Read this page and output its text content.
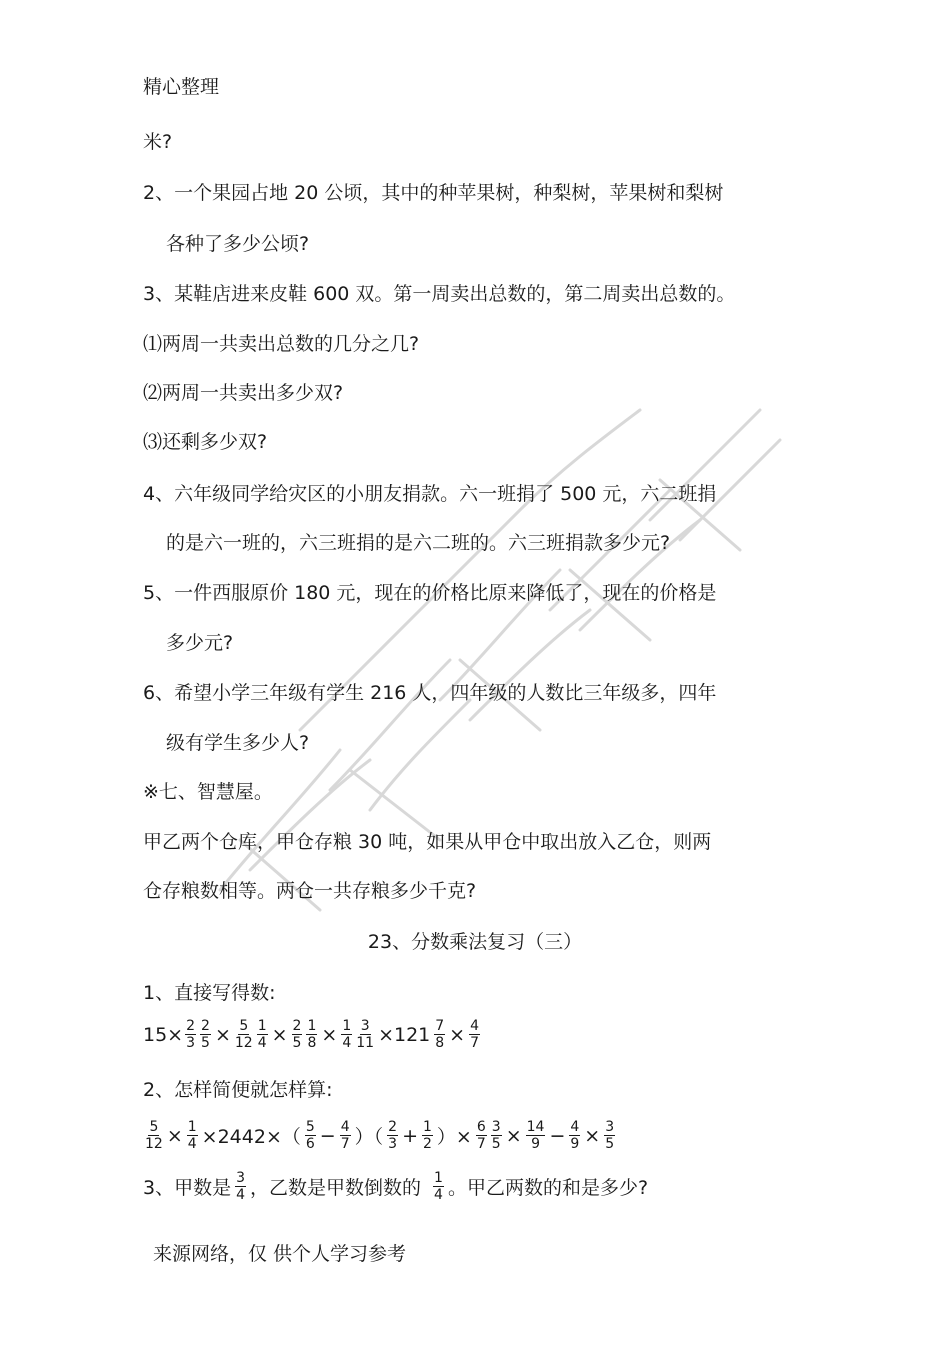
精心整理
米?
2、一个果园占地 20 公顷，其中的种苹果树，种梨树，苹果树和梨树
各种了多少公顷?
3、某鞋店进来皮鞋 600 双。第一周卖出总数的，第二周卖出总数的。
⑴两周一共卖出总数的几分之几?
⑵两周一共卖出多少双?
⑶还剩多少双?
4、六年级同学给灾区的小朋友捐款。六一班捐了 500 元，六二班捐
的是六一班的，六三班捐的是六二班的。六三班捐款多少元?
5、一件西服原价 180 元，现在的价格比原来降低了，现在的价格是
多少元?
6、希望小学三年级有学生 216 人，四年级的人数比三年级多，四年
级有学生多少人?
※七、智慧屋。
甲乙两个仓库，甲仓存粮 30 吨，如果从甲仓中取出放入乙仓，则两
仓存粮数相等。两仓一共存粮多少千克?
23、分数乘法复习（三）
1、直接写得数:
$15\times \frac{2}{3} \frac{2}{5} \times \frac{5}{12} \frac{1}{4} \times \frac{2}{5} \frac{1}{8} \times \frac{1}{4} \frac{3}{11} \times 121 \frac{7}{8} \times \frac{4}{7}$
2、怎样简便就怎样算:
$\frac{5}{12} \times \frac{1}{4} \times 2442\times( \frac{5}{6} - \frac{4}{7}$ ）（ $\frac{2}{3} + \frac{1}{2}$ ）× $\frac{6}{7} \frac{3}{5} \times \frac{14}{9} - \frac{4}{9} \times \frac{3}{5}$
3、甲数是 $\frac{3}{4}$ ，乙数是甲数倒数的 $\frac{1}{4}$ 。甲乙两数的和是多少?
来源网络，仅 供个人学习参考
